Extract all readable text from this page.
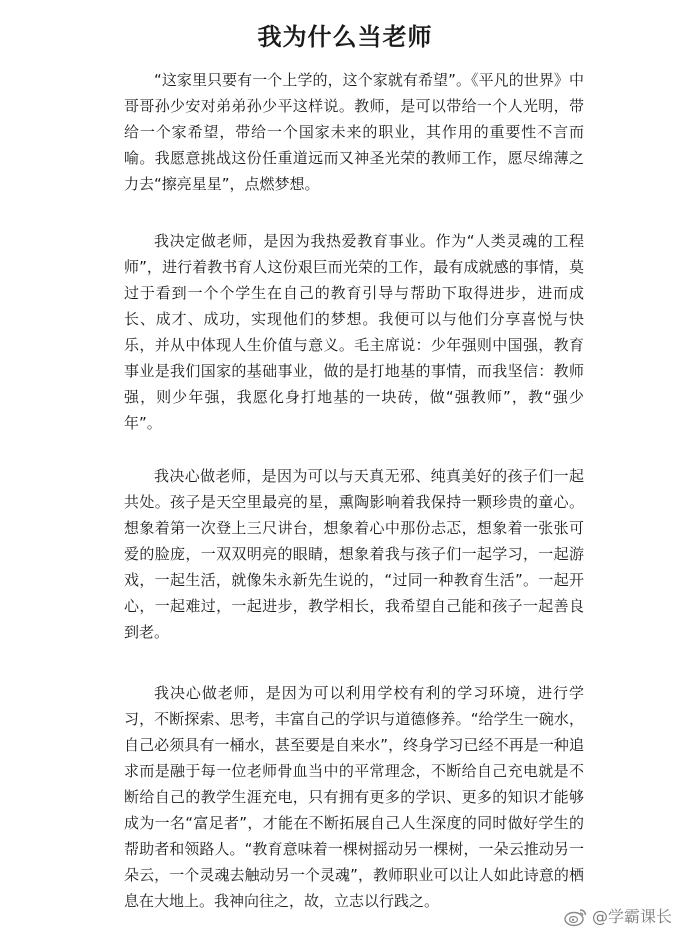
我为什么当老师

“这家里只要有一个上学的，这个家就有希望”。《平凡的世界》中哥哥孙少安对弟弟孙少平这样说。教师，是可以带给一个人光明，带给一个家希望，带给一个国家未来的职业，其作用的重要性不言而喻。我愿意挑战这份任重道远而又神圣光荣的教师工作，愿尽绵薄之力去“擦亮星星”，点燃梦想。

我决定做老师，是因为我热爱教育事业。作为“人类灵魂的工程师”，进行着教书育人这份艰巨而光荣的工作，最有成就感的事情，莫过于看到一个个学生在自己的教育引导与帮助下取得进步，进而成长、成才、成功，实现他们的梦想。我便可以与他们分享喜悦与快乐，并从中体现人生价值与意义。毛主席说：少年强则中国强，教育事业是我们国家的基础事业，做的是打地基的事情，而我坚信：教师强，则少年强，我愿化身打地基的一块砖，做“强教师”，教“强少年”。

我决心做老师，是因为可以与天真无邪、纯真美好的孩子们一起共处。孩子是天空里最亮的星，熏陶影响着我保持一颗珍贵的童心。想象着第一次登上三尺讲台，想象着心中那份忐忑，想象着一张张可爱的脸庞，一双双明亮的眼睛，想象着我与孩子们一起学习，一起游戏，一起生活，就像朱永新先生说的，“过同一种教育生活”。一起开心，一起难过，一起进步，教学相长，我希望自己能和孩子一起善良到老。

我决心做老师，是因为可以利用学校有利的学习环境，进行学习，不断探索、思考，丰富自己的学识与道德修养。“给学生一碗水，自己必须具有一桶水，甚至要是自来水”，终身学习已经不再是一种追求而是融于每一位老师骨血当中的平常理念，不断给自己充电就是不断给自己的教学生涯充电，只有拥有更多的学识、更多的知识才能够成为一名“富足者”，才能在不断拓展自己人生深度的同时做好学生的帮助者和领路人。“教育意味着一棵树摇动另一棵树，一朵云推动另一朵云，一个灵魂去触动另一个灵魂”，教师职业可以让人如此诗意的栖息在大地上。我神向往之，故，立志以行践之。

@学霸课长
